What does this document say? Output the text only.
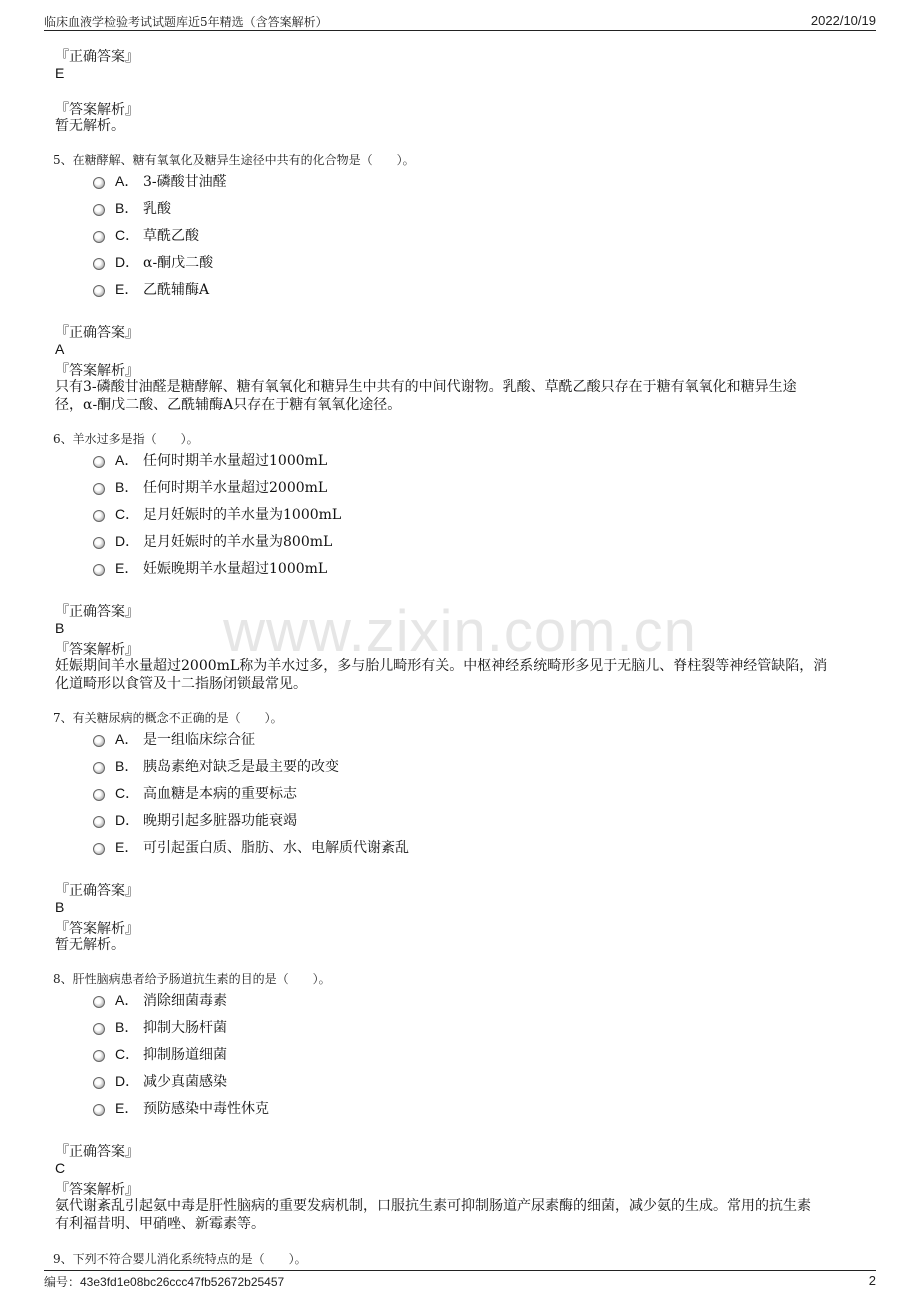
临床血液学检验考试试题库近5年精选（含答案解析）	2022/10/19
www.zixin.com.cn
『正确答案』
E
『答案解析』
暂无解析。
5、在糖酵解、糖有氧氧化及糖异生途径中共有的化合物是（　　）。
A． 3-磷酸甘油醛
B． 乳酸
C． 草酰乙酸
D． α-酮戊二酸
E． 乙酰辅酶A
『正确答案』
A
『答案解析』
只有3-磷酸甘油醛是糖酵解、糖有氧氧化和糖异生中共有的中间代谢物。乳酸、草酰乙酸只存在于糖有氧氧化和糖异生途
径，α-酮戊二酸、乙酰辅酶A只存在于糖有氧氧化途径。
6、羊水过多是指（　　）。
A． 任何时期羊水量超过1000mL
B． 任何时期羊水量超过2000mL
C． 足月妊娠时的羊水量为1000mL
D． 足月妊娠时的羊水量为800mL
E． 妊娠晚期羊水量超过1000mL
『正确答案』
B
『答案解析』
妊娠期间羊水量超过2000mL称为羊水过多，多与胎儿畸形有关。中枢神经系统畸形多见于无脑儿、脊柱裂等神经管缺陷，消
化道畸形以食管及十二指肠闭锁最常见。
7、有关糖尿病的概念不正确的是（　　）。
A． 是一组临床综合征
B． 胰岛素绝对缺乏是最主要的改变
C． 高血糖是本病的重要标志
D． 晚期引起多脏器功能衰竭
E． 可引起蛋白质、脂肪、水、电解质代谢紊乱
『正确答案』
B
『答案解析』
暂无解析。
8、肝性脑病患者给予肠道抗生素的目的是（　　）。
A． 消除细菌毒素
B． 抑制大肠杆菌
C． 抑制肠道细菌
D． 减少真菌感染
E． 预防感染中毒性休克
『正确答案』
C
『答案解析』
氨代谢紊乱引起氨中毒是肝性脑病的重要发病机制，口服抗生素可抑制肠道产尿素酶的细菌，减少氨的生成。常用的抗生素
有利福昔明、甲硝唑、新霉素等。
9、下列不符合婴儿消化系统特点的是（　　）。
编号：43e3fd1e08bc26ccc47fb52672b25457	2
